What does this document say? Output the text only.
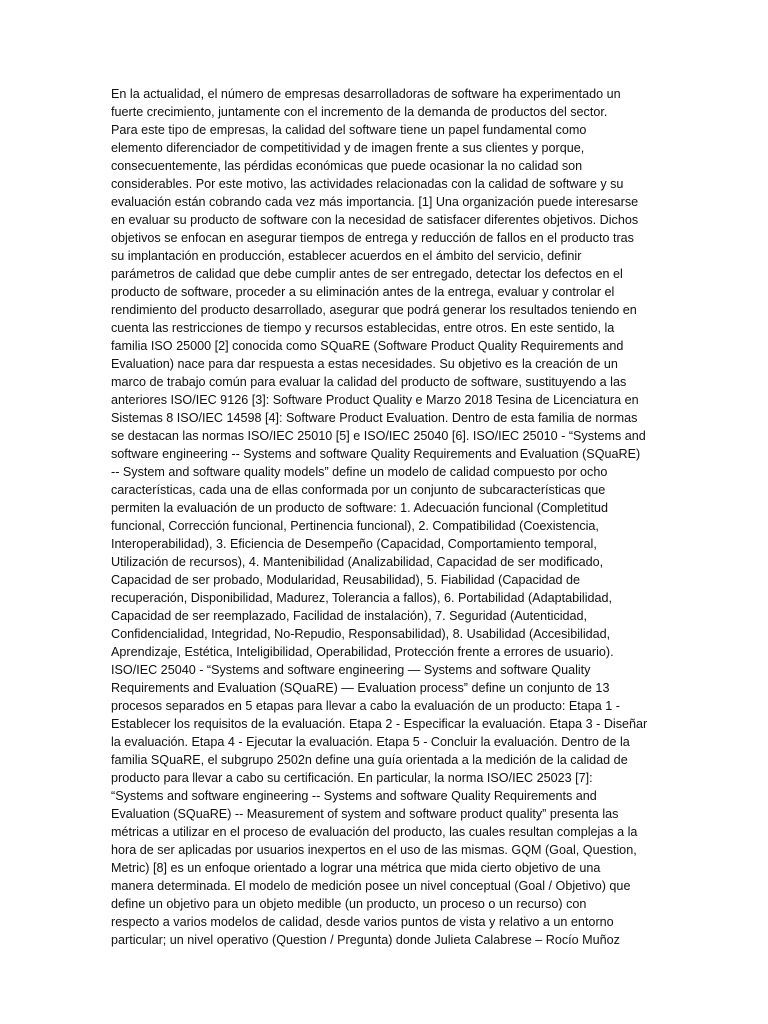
En la actualidad, el número de empresas desarrolladoras de software ha experimentado un
fuerte crecimiento, juntamente con el incremento de la demanda de productos del sector.
Para este tipo de empresas, la calidad del software tiene un papel fundamental como
elemento diferenciador de competitividad y de imagen frente a sus clientes y porque,
consecuentemente, las pérdidas económicas que puede ocasionar la no calidad son
considerables. Por este motivo, las actividades relacionadas con la calidad de software y su
evaluación están cobrando cada vez más importancia. [1] Una organización puede interesarse
en evaluar su producto de software con la necesidad de satisfacer diferentes objetivos. Dichos
objetivos se enfocan en asegurar tiempos de entrega y reducción de fallos en el producto tras
su implantación en producción, establecer acuerdos en el ámbito del servicio, definir
parámetros de calidad que debe cumplir antes de ser entregado, detectar los defectos en el
producto de software, proceder a su eliminación antes de la entrega, evaluar y controlar el
rendimiento del producto desarrollado, asegurar que podrá generar los resultados teniendo en
cuenta las restricciones de tiempo y recursos establecidas, entre otros. En este sentido, la
familia ISO 25000 [2] conocida como SQuaRE (Software Product Quality Requirements and
Evaluation) nace para dar respuesta a estas necesidades. Su objetivo es la creación de un
marco de trabajo común para evaluar la calidad del producto de software, sustituyendo a las
anteriores ISO/IEC 9126 [3]: Software Product Quality e Marzo 2018 Tesina de Licenciatura en
Sistemas 8 ISO/IEC 14598 [4]: Software Product Evaluation. Dentro de esta familia de normas
se destacan las normas ISO/IEC 25010 [5] e ISO/IEC 25040 [6]. ISO/IEC 25010 - “Systems and
software engineering -- Systems and software Quality Requirements and Evaluation (SQuaRE)
-- System and software quality models” define un modelo de calidad compuesto por ocho
características, cada una de ellas conformada por un conjunto de subcaracterísticas que
permiten la evaluación de un producto de software: 1. Adecuación funcional (Completitud
funcional, Corrección funcional, Pertinencia funcional), 2. Compatibilidad (Coexistencia,
Interoperabilidad), 3. Eficiencia de Desempeño (Capacidad, Comportamiento temporal,
Utilización de recursos), 4. Mantenibilidad (Analizabilidad, Capacidad de ser modificado,
Capacidad de ser probado, Modularidad, Reusabilidad), 5. Fiabilidad (Capacidad de
recuperación, Disponibilidad, Madurez, Tolerancia a fallos), 6. Portabilidad (Adaptabilidad,
Capacidad de ser reemplazado, Facilidad de instalación), 7. Seguridad (Autenticidad,
Confidencialidad, Integridad, No-Repudio, Responsabilidad), 8. Usabilidad (Accesibilidad,
Aprendizaje, Estética, Inteligibilidad, Operabilidad, Protección frente a errores de usuario).
ISO/IEC 25040 - “Systems and software engineering — Systems and software Quality
Requirements and Evaluation (SQuaRE) — Evaluation process” define un conjunto de 13
procesos separados en 5 etapas para llevar a cabo la evaluación de un producto: Etapa 1 -
Establecer los requisitos de la evaluación. Etapa 2 - Especificar la evaluación. Etapa 3 - Diseñar
la evaluación. Etapa 4 - Ejecutar la evaluación. Etapa 5 - Concluir la evaluación. Dentro de la
familia SQuaRE, el subgrupo 2502n define una guía orientada a la medición de la calidad de
producto para llevar a cabo su certificación. En particular, la norma ISO/IEC 25023 [7]:
“Systems and software engineering -- Systems and software Quality Requirements and
Evaluation (SQuaRE) -- Measurement of system and software product quality” presenta las
métricas a utilizar en el proceso de evaluación del producto, las cuales resultan complejas a la
hora de ser aplicadas por usuarios inexpertos en el uso de las mismas. GQM (Goal, Question,
Metric) [8] es un enfoque orientado a lograr una métrica que mida cierto objetivo de una
manera determinada. El modelo de medición posee un nivel conceptual (Goal / Objetivo) que
define un objetivo para un objeto medible (un producto, un proceso o un recurso) con
respecto a varios modelos de calidad, desde varios puntos de vista y relativo a un entorno
particular; un nivel operativo (Question / Pregunta) donde Julieta Calabrese – Rocío Muñoz
